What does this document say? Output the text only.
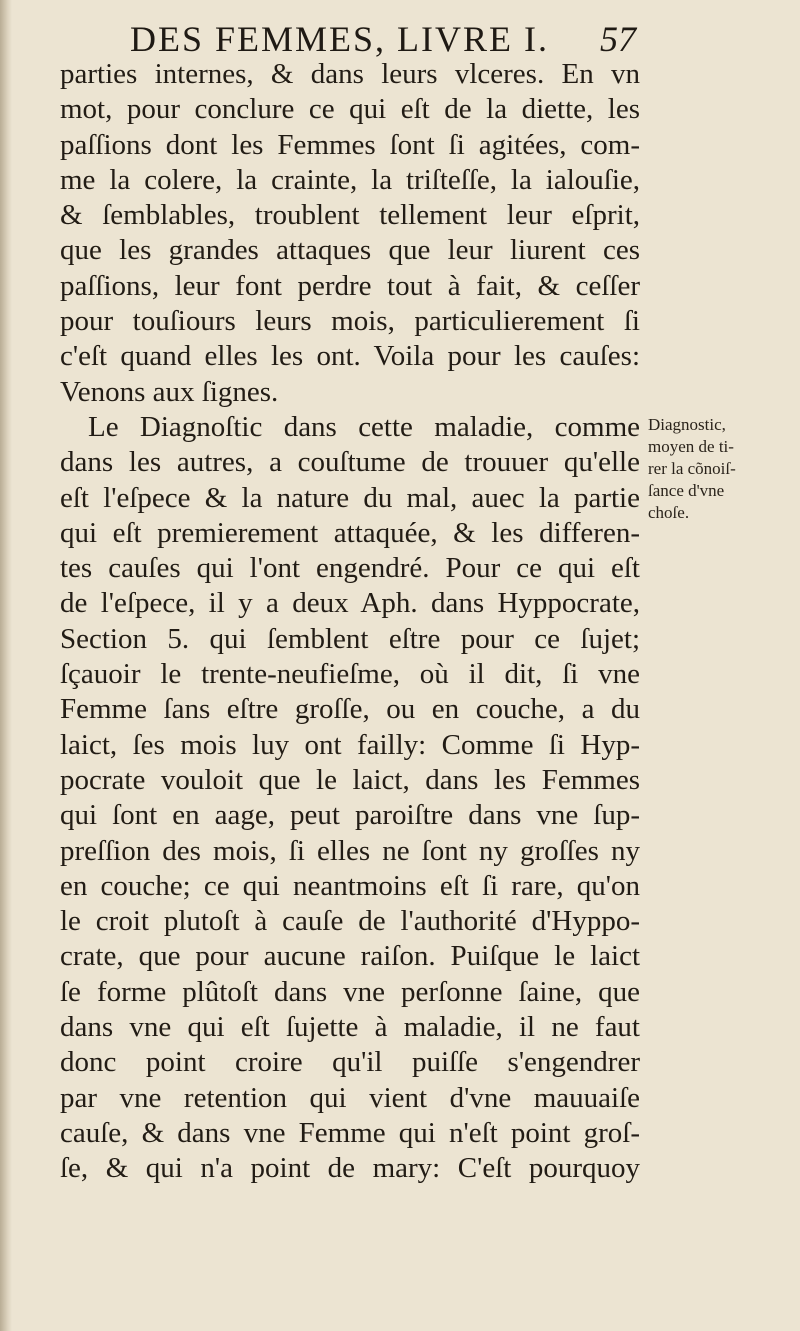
DES FEMMES, LIVRE I. 57
parties internes, & dans leurs vlceres. En vn
mot, pour conclure ce qui eſt de la diette, les
paſſions dont les Femmes ſont ſi agitées, com-
me la colere, la crainte, la triſteſſe, la ialouſie,
& ſemblables, troublent tellement leur eſprit,
que les grandes attaques que leur liurent ces
paſſions, leur font perdre tout à fait, & ceſſer
pour touſiours leurs mois, particulierement ſi
c'eſt quand elles les ont. Voila pour les cauſes:
Venons aux ſignes.
Le Diagnoſtic dans cette maladie, comme
dans les autres, a couſtume de trouuer qu'elle
eſt l'eſpece & la nature du mal, auec la partie
qui eſt premierement attaquée, & les differen-
tes cauſes qui l'ont engendré. Pour ce qui eſt
de l'eſpece, il y a deux Aph. dans Hyppocrate,
Section 5. qui ſemblent eſtre pour ce ſujet;
ſçauoir le trente-neufieſme, où il dit, ſi vne
Femme ſans eſtre groſſe, ou en couche, a du
laict, ſes mois luy ont failly: Comme ſi Hyp-
pocrate vouloit que le laict, dans les Femmes
qui ſont en aage, peut paroiſtre dans vne ſup-
preſſion des mois, ſi elles ne ſont ny groſſes ny
en couche; ce qui neantmoins eſt ſi rare, qu'on
le croit plutoſt à cauſe de l'authorité d'Hyppo-
crate, que pour aucune raiſon. Puiſque le laict
ſe forme plûtoſt dans vne perſonne ſaine, que
dans vne qui eſt ſujette à maladie, il ne faut
donc point croire qu'il puiſſe s'engendrer
par vne retention qui vient d'vne mauuaiſe
cauſe, & dans vne Femme qui n'eſt point groſ-
ſe, & qui n'a point de mary: C'eſt pourquoy
Diagnostic,
moyen de ti-
rer la cõnoiſ-
ſance d'vne
choſe.
